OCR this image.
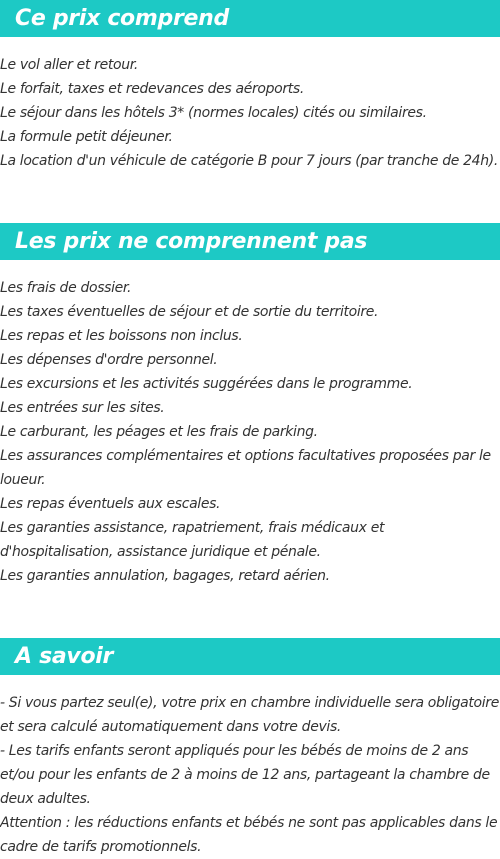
Ce prix comprend

Le vol aller et retour.

Le forfait, taxes et redevances des aéroports.

Le séjour dans les hôtels 3* (normes locales) cités ou similaires.

La formule petit déjeuner.

La location d'un véhicule de catégorie B pour 7 jours (par tranche de 24h).

Les prix ne comprennent pas

Les frais de dossier.

Les taxes éventuelles de séjour et de sortie du territoire.

Les repas et les boissons non inclus.

Les dépenses d'ordre personnel.

Les excursions et les activités suggérées dans le programme.

Les entrées sur les sites.

Le carburant, les péages et les frais de parking.

Les assurances complémentaires et options facultatives proposées par le loueur.

Les repas éventuels aux escales.

Les garanties assistance, rapatriement, frais médicaux et d'hospitalisation, assistance juridique et pénale.

Les garanties annulation, bagages, retard aérien.

A savoir

- Si vous partez seul(e), votre prix en chambre individuelle sera obligatoire et sera calculé automatiquement dans votre devis.

- Les tarifs enfants seront appliqués pour les bébés de moins de 2 ans et/ou pour les enfants de 2 à moins de 12 ans, partageant la chambre de deux adultes.

Attention : les réductions enfants et bébés ne sont pas applicables dans le cadre de tarifs promotionnels.
